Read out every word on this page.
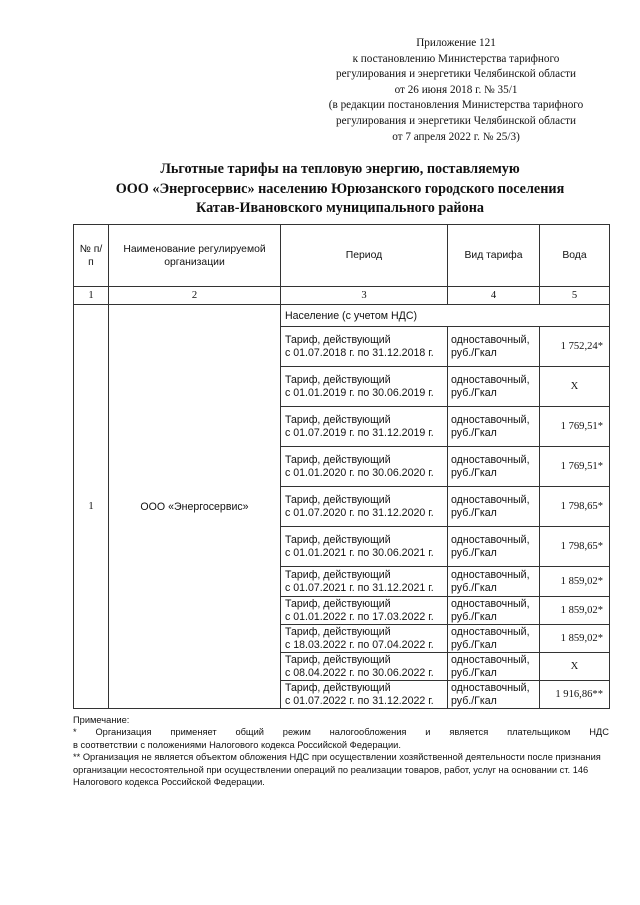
Приложение 121
к постановлению Министерства тарифного
регулирования и энергетики Челябинской области
от 26 июня 2018 г. № 35/1
(в редакции постановления Министерства тарифного
регулирования и энергетики Челябинской области
от 7 апреля 2022 г. № 25/3)
Льготные тарифы на тепловую энергию, поставляемую
ООО «Энергосервис» населению Юрюзанского городского поселения
Катав-Ивановского муниципального района
№ п/п	Наименование регулируемой организации	Период	Вид тарифа	Вода
1	2	3	4	5
1	ООО «Энергосервис»	Население (с учетом НДС)		

		Тариф, действующий
с 01.07.2018 г. по 31.12.2018 г.	одноставочный,
руб./Гкал	1 752,24*

		Тариф, действующий
с 01.01.2019 г. по 30.06.2019 г.	одноставочный,
руб./Гкал	Х

		Тариф, действующий
с 01.07.2019 г. по 31.12.2019 г.	одноставочный,
руб./Гкал	1 769,51*

		Тариф, действующий
с 01.01.2020 г. по 30.06.2020 г.	одноставочный,
руб./Гкал	1 769,51*

		Тариф, действующий
с 01.07.2020 г. по 31.12.2020 г.	одноставочный,
руб./Гкал	1 798,65*

		Тариф, действующий
с 01.01.2021 г. по 30.06.2021 г.	одноставочный,
руб./Гкал	1 798,65*

		Тариф, действующий
с 01.07.2021 г. по 31.12.2021 г.	одноставочный,
руб./Гкал	1 859,02*

		Тариф, действующий
с 01.01.2022 г. по 17.03.2022 г.	одноставочный,
руб./Гкал	1 859,02*

		Тариф, действующий
с 18.03.2022 г. по 07.04.2022 г.	одноставочный,
руб./Гкал	1 859,02*

		Тариф, действующий
с 08.04.2022 г. по 30.06.2022 г.	одноставочный,
руб./Гкал	Х

		Тариф, действующий
с 01.07.2022 г. по 31.12.2022 г.	одноставочный,
руб./Гкал	1 916,86**

Примечание:

* Организация применяет общий режим налогообложения и является плательщиком НДС

в соответствии с положениями Налогового кодекса Российской Федерации.

** Организация не является объектом обложения НДС при осуществлении хозяйственной деятельности после признания организации несостоятельной при осуществлении операций по реализации товаров, работ, услуг на основании ст. 146 Налогового кодекса Российской Федерации.
